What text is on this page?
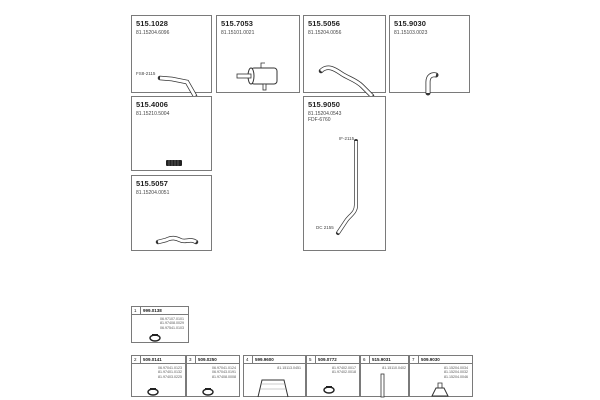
515.1028
81.15204.6096
FS8-2115
515.7053
81.15101.0021
515.5056
81.15204.0056
515.9030
81.15103.0023
515.4006
81.15210.5004
515.9050
81.15204.0543
FDF-6760
IF-2115
DC 2155
515.5057
81.15204.0051
1 999.0138
06.97107.0101
81.97408.0029
06.97541.0103
2 509.0141
06.97041.0123
81.97401.0132
81.97403.0225
3 509.0250
06.97041.0124
06.97043.0191
81.97408.0008
4 599.9600
81.15113.0451
5 509.0772
81.97402.0017
81.97402.0018
6 515.9031
81.15110.0402
7 509.9030
81.15204.0034
81.15204.0032
81.15204.0046
